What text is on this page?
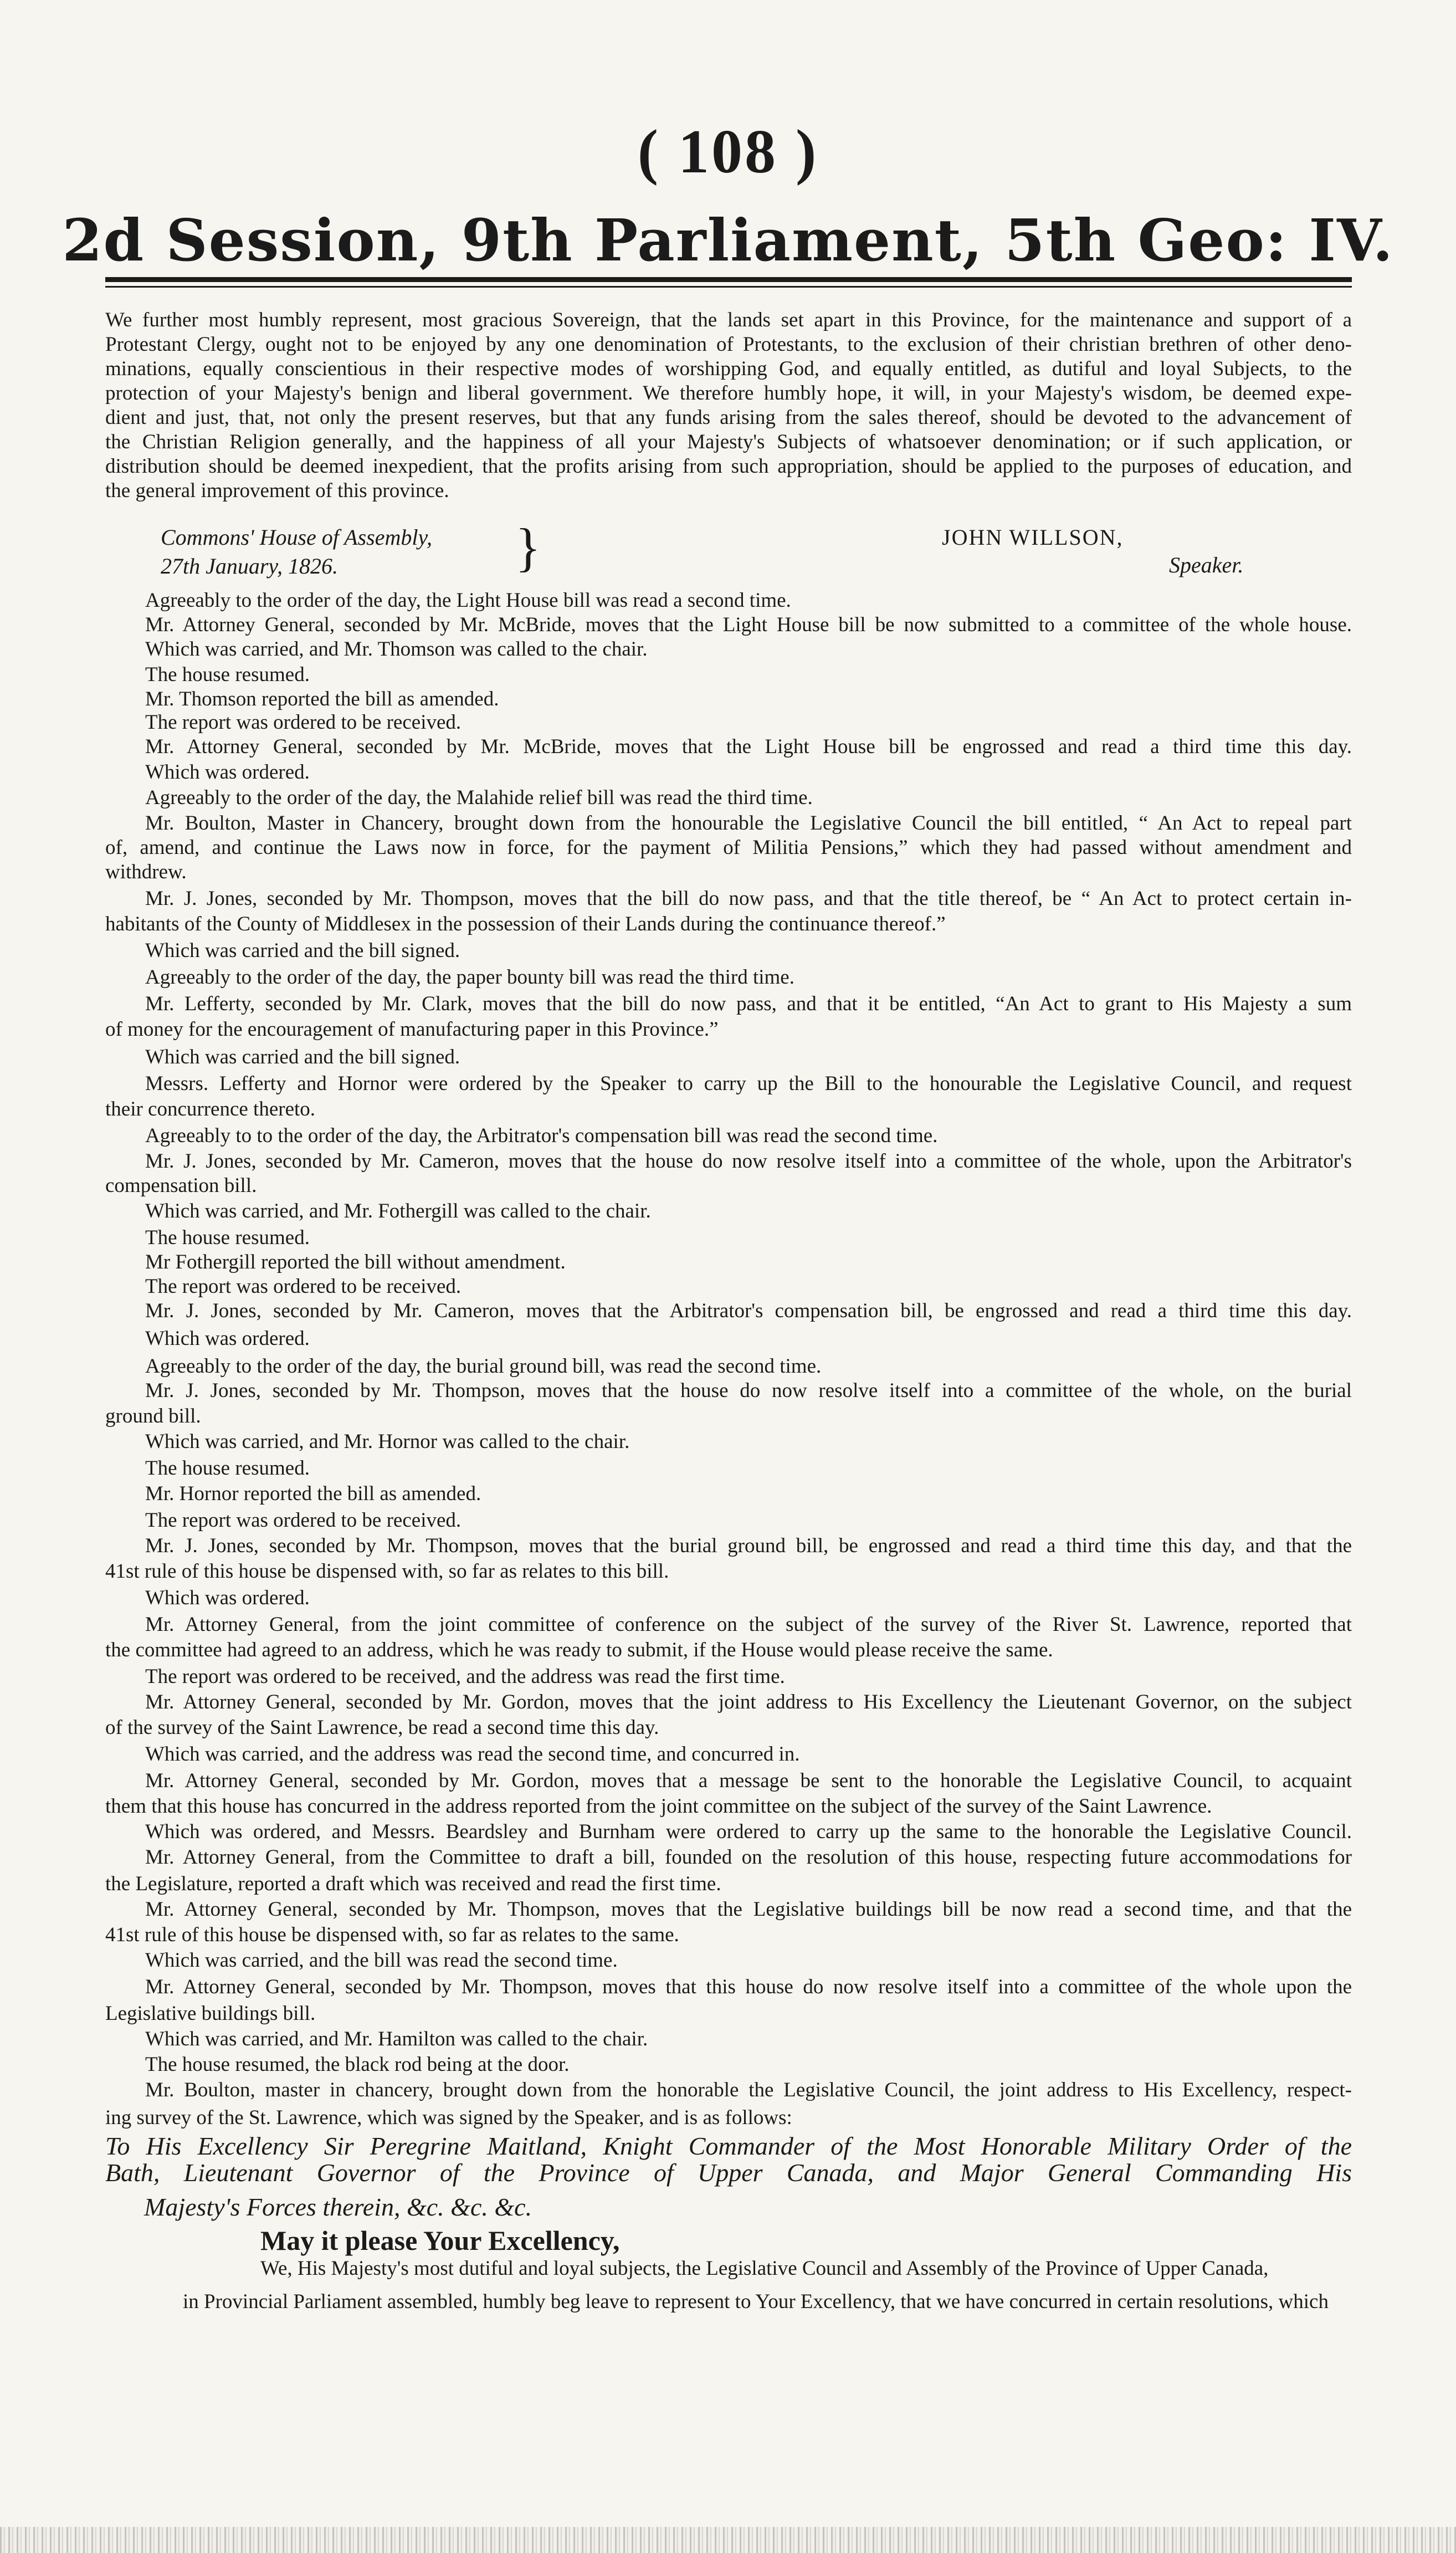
( 108 )
2d Session, 9th Parliament, 5th Geo: IV.
Commons' House of Assembly,
27th January, 1826.	}	JOHN WILLSON,
Speaker.
We further most humbly represent, most gracious Sovereign, that the lands set apart in this Province, for the maintenance and support of a
Protestant Clergy, ought not to be enjoyed by any one denomination of Protestants, to the exclusion of their christian brethren of other deno-
minations, equally conscientious in their respective modes of worshipping God, and equally entitled, as dutiful and loyal Subjects, to the
protection of your Majesty's benign and liberal government. We therefore humbly hope, it will, in your Majesty's wisdom, be deemed expe-
dient and just, that, not only the present reserves, but that any funds arising from the sales thereof, should be devoted to the advancement of
the Christian Religion generally, and the happiness of all your Majesty's Subjects of whatsoever denomination; or if such application, or
distribution should be deemed inexpedient, that the profits arising from such appropriation, should be applied to the purposes of education, and
the general improvement of this province.
Agreeably to the order of the day, the Light House bill was read a second time.
Mr. Attorney General, seconded by Mr. McBride, moves that the Light House bill be now submitted to a committee of the whole house.
Which was carried, and Mr. Thomson was called to the chair.
The house resumed.
Mr. Thomson reported the bill as amended.
The report was ordered to be received.
Mr. Attorney General, seconded by Mr. McBride, moves that the Light House bill be engrossed and read a third time this day.
Which was ordered.
Agreeably to the order of the day, the Malahide relief bill was read the third time.
Mr. Boulton, Master in Chancery, brought down from the honourable the Legislative Council the bill entitled, “ An Act to repeal part
of, amend, and continue the Laws now in force, for the payment of Militia Pensions,” which they had passed without amendment and
withdrew.
Mr. J. Jones, seconded by Mr. Thompson, moves that the bill do now pass, and that the title thereof, be “ An Act to protect certain in-
habitants of the County of Middlesex in the possession of their Lands during the continuance thereof.”
Which was carried and the bill signed.
Agreeably to the order of the day, the paper bounty bill was read the third time.
Mr. Lefferty, seconded by Mr. Clark, moves that the bill do now pass, and that it be entitled, “An Act to grant to His Majesty a sum
of money for the encouragement of manufacturing paper in this Province.”
Which was carried and the bill signed.
Messrs. Lefferty and Hornor were ordered by the Speaker to carry up the Bill to the honourable the Legislative Council, and request
their concurrence thereto.
Agreeably to to the order of the day, the Arbitrator's compensation bill was read the second time.
Mr. J. Jones, seconded by Mr. Cameron, moves that the house do now resolve itself into a committee of the whole, upon the Arbitrator's
compensation bill.
Which was carried, and Mr. Fothergill was called to the chair.
The house resumed.
Mr Fothergill reported the bill without amendment.
The report was ordered to be received.
Mr. J. Jones, seconded by Mr. Cameron, moves that the Arbitrator's compensation bill, be engrossed and read a third time this day.
Which was ordered.
Agreeably to the order of the day, the burial ground bill, was read the second time.
Mr. J. Jones, seconded by Mr. Thompson, moves that the house do now resolve itself into a committee of the whole, on the burial
ground bill.
Which was carried, and Mr. Hornor was called to the chair.
The house resumed.
Mr. Hornor reported the bill as amended.
The report was ordered to be received.
Mr. J. Jones, seconded by Mr. Thompson, moves that the burial ground bill, be engrossed and read a third time this day, and that the
41st rule of this house be dispensed with, so far as relates to this bill.
Which was ordered.
Mr. Attorney General, from the joint committee of conference on the subject of the survey of the River St. Lawrence, reported that
the committee had agreed to an address, which he was ready to submit, if the House would please receive the same.
The report was ordered to be received, and the address was read the first time.
Mr. Attorney General, seconded by Mr. Gordon, moves that the joint address to His Excellency the Lieutenant Governor, on the subject
of the survey of the Saint Lawrence, be read a second time this day.
Which was carried, and the address was read the second time, and concurred in.
Mr. Attorney General, seconded by Mr. Gordon, moves that a message be sent to the honorable the Legislative Council, to acquaint
them that this house has concurred in the address reported from the joint committee on the subject of the survey of the Saint Lawrence.
Which was ordered, and Messrs. Beardsley and Burnham were ordered to carry up the same to the honorable the Legislative Council.
Mr. Attorney General, from the Committee to draft a bill, founded on the resolution of this house, respecting future accommodations for
the Legislature, reported a draft which was received and read the first time.
Mr. Attorney General, seconded by Mr. Thompson, moves that the Legislative buildings bill be now read a second time, and that the
41st rule of this house be dispensed with, so far as relates to the same.
Which was carried, and the bill was read the second time.
Mr. Attorney General, seconded by Mr. Thompson, moves that this house do now resolve itself into a committee of the whole upon the
Legislative buildings bill.
Which was carried, and Mr. Hamilton was called to the chair.
The house resumed, the black rod being at the door.
Mr. Boulton, master in chancery, brought down from the honorable the Legislative Council, the joint address to His Excellency, respect-
ing survey of the St. Lawrence, which was signed by the Speaker, and is as follows:
To His Excellency Sir Peregrine Maitland, Knight Commander of the Most Honorable Military Order of the
Bath, Lieutenant Governor of the Province of Upper Canada, and Major General Commanding His
Majesty's Forces therein, &c. &c. &c.
May it please Your Excellency,
We, His Majesty's most dutiful and loyal subjects, the Legislative Council and Assembly of the Province of Upper Canada,
in Provincial Parliament assembled, humbly beg leave to represent to Your Excellency, that we have concurred in certain resolutions, which
